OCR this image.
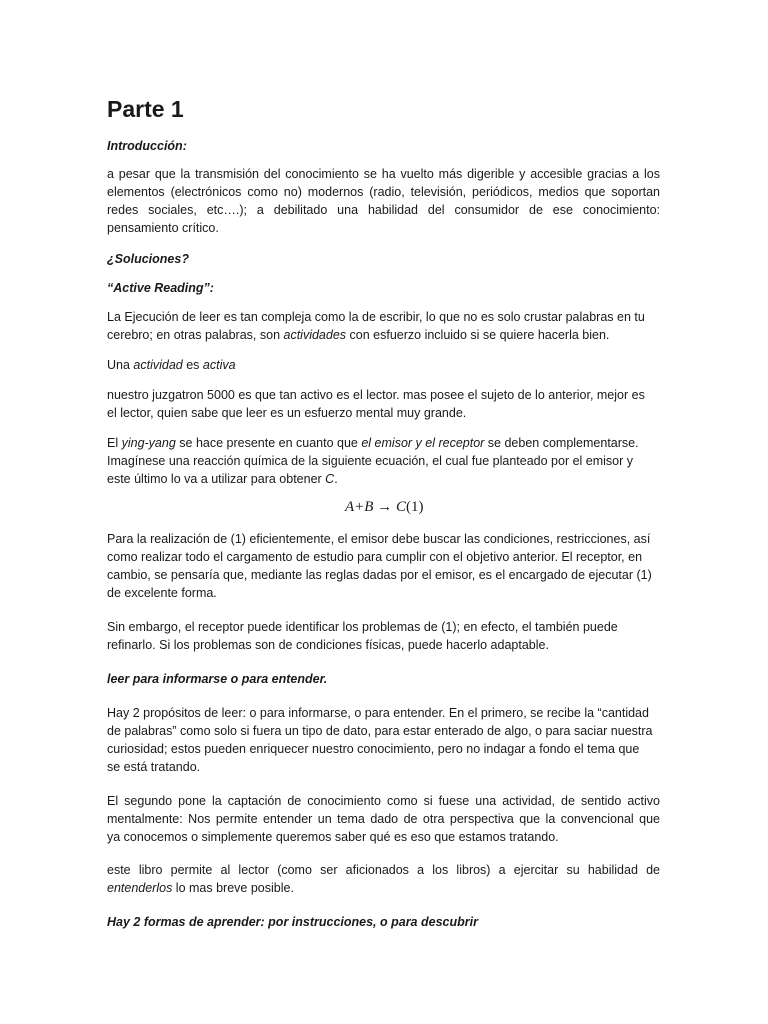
Parte 1

Introducción:

a pesar que la transmisión del conocimiento se ha vuelto más digerible y accesible gracias a los
elementos (electrónicos como no) modernos (radio, televisión, periódicos, medios que soportan
redes sociales, etc….); a debilitado una habilidad del consumidor de ese conocimiento:
pensamiento crítico.

¿Soluciones?

“Active Reading”:

La Ejecución de leer es tan compleja como la de escribir, lo que no es solo crustar palabras en tu
cerebro; en otras palabras, son actividades con esfuerzo incluido si se quiere hacerla bien.

Una actividad es activa

nuestro juzgatron 5000 es que tan activo es el lector. mas posee el sujeto de lo anterior, mejor es
el lector, quien sabe que leer es un esfuerzo mental muy grande.

El ying-yang se hace presente en cuanto que el emisor y el receptor se deben complementarse.
Imagínese una reacción química de la siguiente ecuación, el cual fue planteado por el emisor y
este último lo va a utilizar para obtener C.

A+B → C(1)

Para la realización de (1) eficientemente, el emisor debe buscar las condiciones, restricciones, así
como realizar todo el cargamento de estudio para cumplir con el objetivo anterior. El receptor, en
cambio, se pensaría que, mediante las reglas dadas por el emisor, es el encargado de ejecutar (1)
de excelente forma.

Sin embargo, el receptor puede identificar los problemas de (1); en efecto, el también puede
refinarlo. Si los problemas son de condiciones físicas, puede hacerlo adaptable.

leer para informarse o para entender.

Hay 2 propósitos de leer: o para informarse, o para entender. En el primero, se recibe la “cantidad
de palabras” como solo si fuera un tipo de dato, para estar enterado de algo, o para saciar nuestra
curiosidad; estos pueden enriquecer nuestro conocimiento, pero no indagar a fondo el tema que
se está tratando.

El segundo pone la captación de conocimiento como si fuese una actividad, de sentido activo
mentalmente: Nos permite entender un tema dado de otra perspectiva que la convencional que
ya conocemos o simplemente queremos saber qué es eso que estamos tratando.

este libro permite al lector (como ser aficionados a los libros) a ejercitar su habilidad de
entenderlos lo mas breve posible.

Hay 2 formas de aprender: por instrucciones, o para descubrir
